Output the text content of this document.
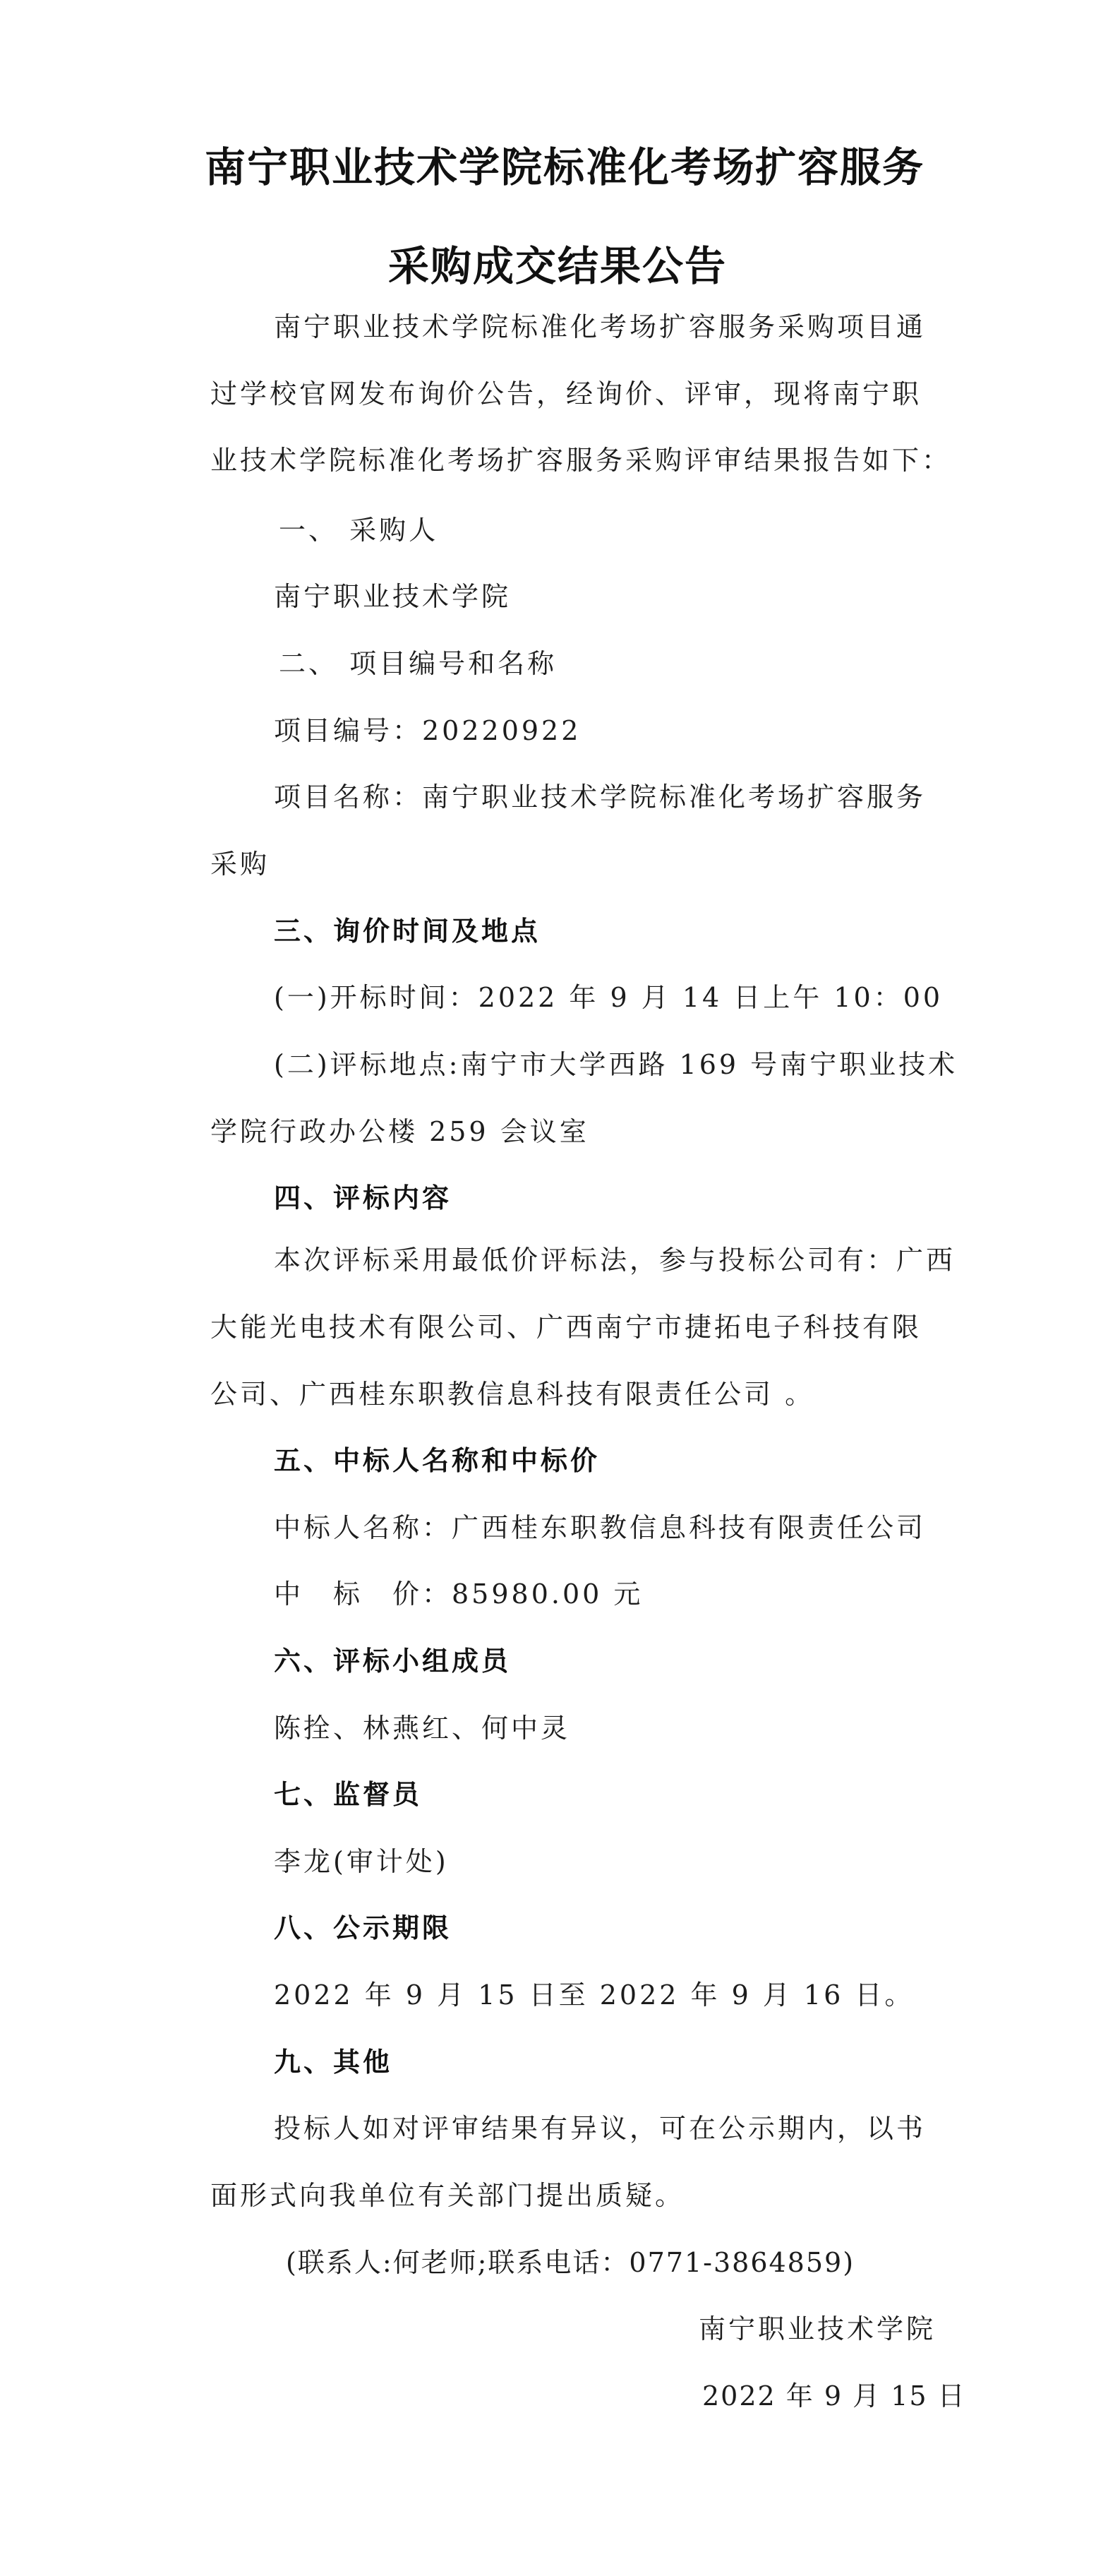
南宁职业技术学院标准化考场扩容服务
采购成交结果公告
南宁职业技术学院标准化考场扩容服务采购项目通
过学校官网发布询价公告，经询价、评审，现将南宁职
业技术学院标准化考场扩容服务采购评审结果报告如下：
一、 采购人
南宁职业技术学院
二、 项目编号和名称
项目编号：20220922
项目名称：南宁职业技术学院标准化考场扩容服务
采购
三、询价时间及地点
(一)开标时间：2022 年 9 月 14 日上午 10：00
(二)评标地点:南宁市大学西路 169 号南宁职业技术
学院行政办公楼 259 会议室
四、评标内容
本次评标采用最低价评标法，参与投标公司有：广西
大能光电技术有限公司、广西南宁市捷拓电子科技有限
公司、广西桂东职教信息科技有限责任公司 。
五、中标人名称和中标价
中标人名称：广西桂东职教信息科技有限责任公司
中　标　价：85980.00 元
六、评标小组成员
陈拴、林燕红、何中灵
七、监督员
李龙(审计处)
八、公示期限
2022 年 9 月 15 日至 2022 年 9 月 16 日。
九、其他
投标人如对评审结果有异议，可在公示期内，以书
面形式向我单位有关部门提出质疑。
(联系人:何老师;联系电话：0771-3864859)
南宁职业技术学院
2022 年 9 月 15 日
